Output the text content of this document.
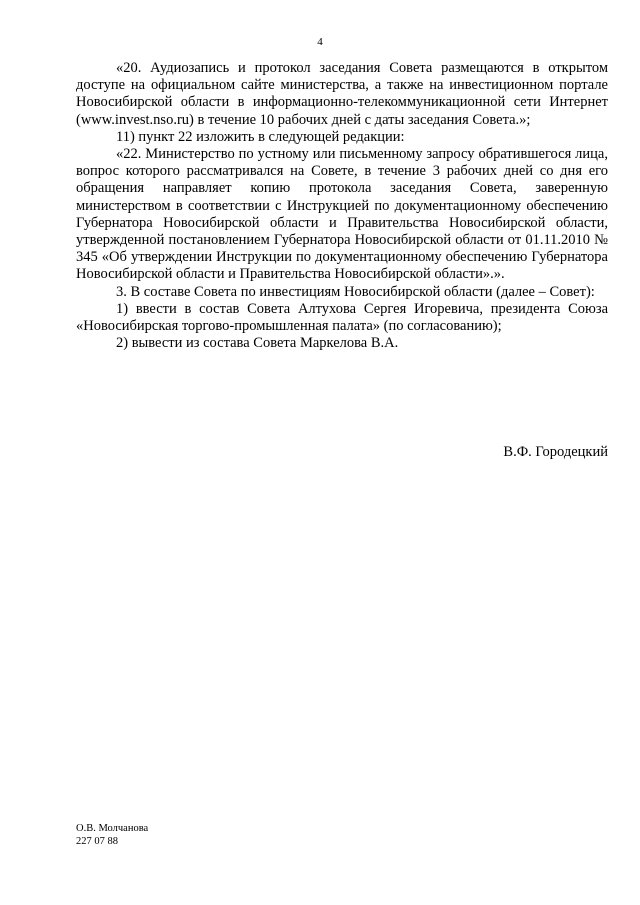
4

«20. Аудиозапись и протокол заседания Совета размещаются в открытом доступе на официальном сайте министерства, а также на инвестиционном портале Новосибирской области в информационно-телекоммуникационной сети Интернет (www.invest.nso.ru) в течение 10 рабочих дней с даты заседания Совета.»;

11) пункт 22 изложить в следующей редакции:

«22. Министерство по устному или письменному запросу обратившегося лица, вопрос которого рассматривался на Совете, в течение 3 рабочих дней со дня его обращения направляет копию протокола заседания Совета, заверенную министерством в соответствии с Инструкцией по документационному обеспечению Губернатора Новосибирской области и Правительства Новосибирской области, утвержденной постановлением Губернатора Новосибирской области от 01.11.2010 № 345 «Об утверждении Инструкции по документационному обеспечению Губернатора Новосибирской области и Правительства Новосибирской области».».

3. В составе Совета по инвестициям Новосибирской области (далее – Совет):

1) ввести в состав Совета Алтухова Сергея Игоревича, президента Союза «Новосибирская торгово-промышленная палата» (по согласованию);

2) вывести из состава Совета Маркелова В.А.

В.Ф. Городецкий
О.В. Молчанова
227 07 88
